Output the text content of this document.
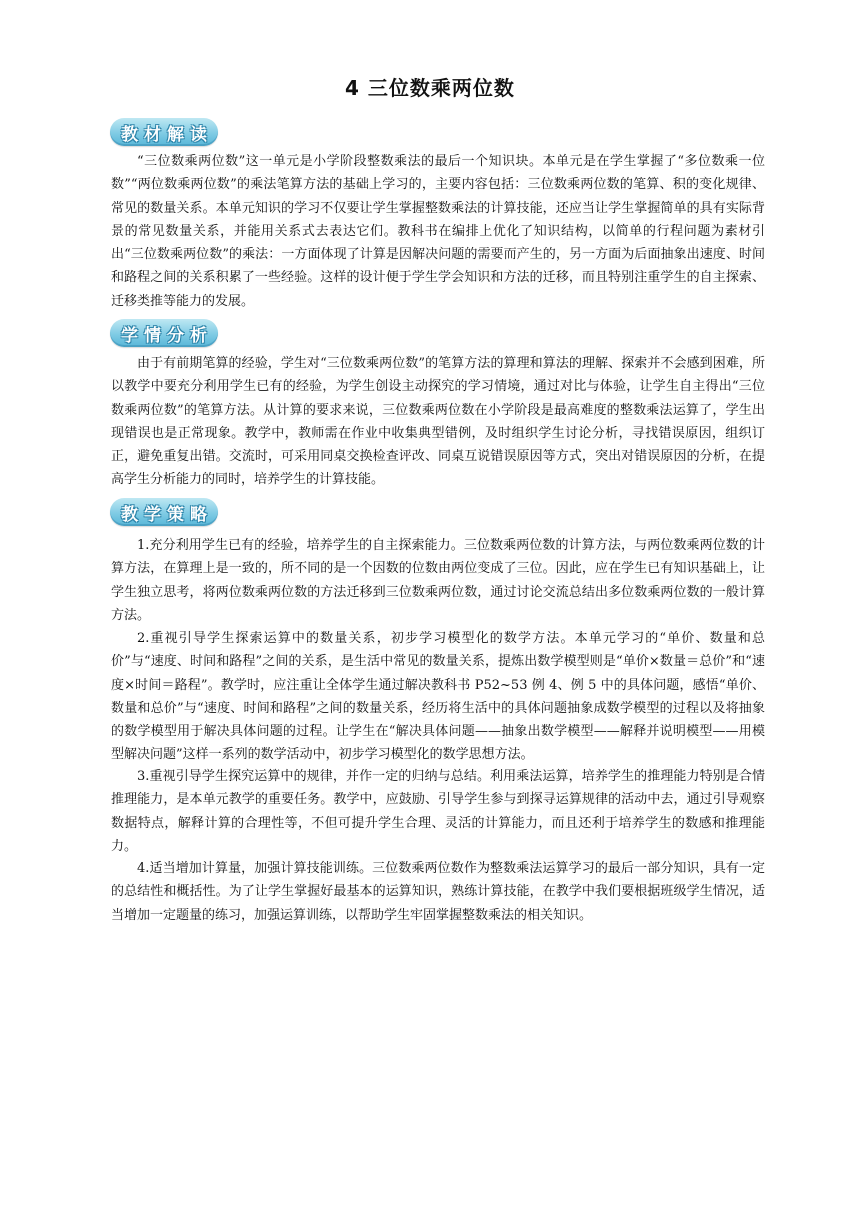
4 三位数乘两位数
教材解读

“三位数乘两位数”这一单元是小学阶段整数乘法的最后一个知识块。本单元是在学生掌握了“多位数乘一位数”“两位数乘两位数”的乘法笔算方法的基础上学习的，主要内容包括：三位数乘两位数的笔算、积的变化规律、常见的数量关系。本单元知识的学习不仅要让学生掌握整数乘法的计算技能，还应当让学生掌握简单的具有实际背景的常见数量关系，并能用关系式去表达它们。教科书在编排上优化了知识结构，以简单的行程问题为素材引出“三位数乘两位数”的乘法：一方面体现了计算是因解决问题的需要而产生的，另一方面为后面抽象出速度、时间和路程之间的关系积累了一些经验。这样的设计便于学生学会知识和方法的迁移，而且特别注重学生的自主探索、迁移类推等能力的发展。

学情分析

由于有前期笔算的经验，学生对“三位数乘两位数”的笔算方法的算理和算法的理解、探索并不会感到困难，所以教学中要充分利用学生已有的经验，为学生创设主动探究的学习情境，通过对比与体验，让学生自主得出“三位数乘两位数”的笔算方法。从计算的要求来说，三位数乘两位数在小学阶段是最高难度的整数乘法运算了，学生出现错误也是正常现象。教学中，教师需在作业中收集典型错例，及时组织学生讨论分析，寻找错误原因，组织订正，避免重复出错。交流时，可采用同桌交换检查评改、同桌互说错误原因等方式，突出对错误原因的分析，在提高学生分析能力的同时，培养学生的计算技能。

教学策略

1.充分利用学生已有的经验，培养学生的自主探索能力。三位数乘两位数的计算方法，与两位数乘两位数的计算方法，在算理上是一致的，所不同的是一个因数的位数由两位变成了三位。因此，应在学生已有知识基础上，让学生独立思考，将两位数乘两位数的方法迁移到三位数乘两位数，通过讨论交流总结出多位数乘两位数的一般计算方法。

2.重视引导学生探索运算中的数量关系，初步学习模型化的数学方法。本单元学习的“单价、数量和总价”与“速度、时间和路程”之间的关系，是生活中常见的数量关系，提炼出数学模型则是“单价×数量＝总价”和“速度×时间＝路程”。教学时，应注重让全体学生通过解决教科书 P52~53 例 4、例 5 中的具体问题，感悟“单价、数量和总价”与“速度、时间和路程”之间的数量关系，经历将生活中的具体问题抽象成数学模型的过程以及将抽象的数学模型用于解决具体问题的过程。让学生在“解决具体问题——抽象出数学模型——解释并说明模型——用模型解决问题”这样一系列的数学活动中，初步学习模型化的数学思想方法。

3.重视引导学生探究运算中的规律，并作一定的归纳与总结。利用乘法运算，培养学生的推理能力特别是合情推理能力，是本单元教学的重要任务。教学中，应鼓励、引导学生参与到探寻运算规律的活动中去，通过引导观察数据特点，解释计算的合理性等，不但可提升学生合理、灵活的计算能力，而且还利于培养学生的数感和推理能力。

4.适当增加计算量，加强计算技能训练。三位数乘两位数作为整数乘法运算学习的最后一部分知识，具有一定的总结性和概括性。为了让学生掌握好最基本的运算知识，熟练计算技能，在教学中我们要根据班级学生情况，适当增加一定题量的练习，加强运算训练，以帮助学生牢固掌握整数乘法的相关知识。
